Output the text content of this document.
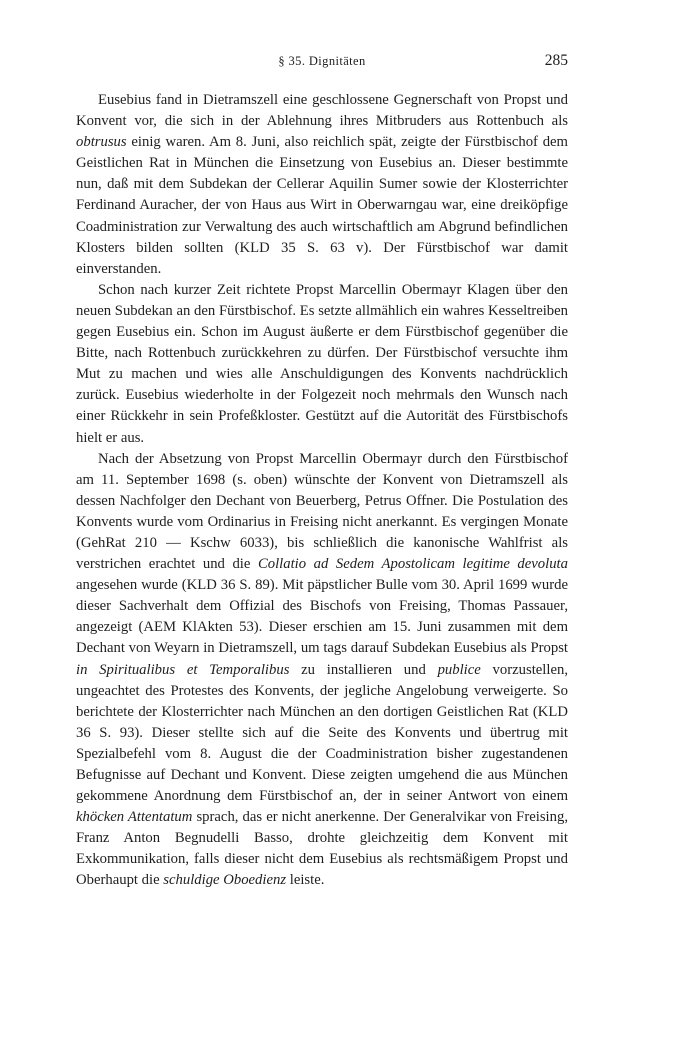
§ 35. Dignitäten	285

Eusebius fand in Dietramszell eine geschlossene Gegnerschaft von Propst und Konvent vor, die sich in der Ablehnung ihres Mitbruders aus Rottenbuch als obtrusus einig waren. Am 8. Juni, also reichlich spät, zeigte der Fürstbischof dem Geistlichen Rat in München die Einsetzung von Eusebius an. Dieser bestimmte nun, daß mit dem Subdekan der Cellerar Aquilin Sumer sowie der Klosterrichter Ferdinand Auracher, der von Haus aus Wirt in Oberwarngau war, eine dreiköpfige Coadministration zur Verwaltung des auch wirtschaftlich am Abgrund befindlichen Klosters bilden sollten (KLD 35 S. 63 v). Der Fürstbischof war damit einverstanden.

Schon nach kurzer Zeit richtete Propst Marcellin Obermayr Klagen über den neuen Subdekan an den Fürstbischof. Es setzte allmählich ein wahres Kesseltreiben gegen Eusebius ein. Schon im August äußerte er dem Fürstbischof gegenüber die Bitte, nach Rottenbuch zurückkehren zu dürfen. Der Fürstbischof versuchte ihm Mut zu machen und wies alle Anschuldigungen des Konvents nachdrücklich zurück. Eusebius wiederholte in der Folgezeit noch mehrmals den Wunsch nach einer Rückkehr in sein Profeßkloster. Gestützt auf die Autorität des Fürstbischofs hielt er aus.

Nach der Absetzung von Propst Marcellin Obermayr durch den Fürstbischof am 11. September 1698 (s. oben) wünschte der Konvent von Dietramszell als dessen Nachfolger den Dechant von Beuerberg, Petrus Offner. Die Postulation des Konvents wurde vom Ordinarius in Freising nicht anerkannt. Es vergingen Monate (GehRat 210 — Kschw 6033), bis schließlich die kanonische Wahlfrist als verstrichen erachtet und die Collatio ad Sedem Apostolicam legitime devoluta angesehen wurde (KLD 36 S. 89). Mit päpstlicher Bulle vom 30. April 1699 wurde dieser Sachverhalt dem Offizial des Bischofs von Freising, Thomas Passauer, angezeigt (AEM KlAkten 53). Dieser erschien am 15. Juni zusammen mit dem Dechant von Weyarn in Dietramszell, um tags darauf Subdekan Eusebius als Propst in Spiritualibus et Temporalibus zu installieren und publice vorzustellen, ungeachtet des Protestes des Konvents, der jegliche Angelobung verweigerte. So berichtete der Klosterrichter nach München an den dortigen Geistlichen Rat (KLD 36 S. 93). Dieser stellte sich auf die Seite des Konvents und übertrug mit Spezialbefehl vom 8. August die der Coadministration bisher zugestandenen Befugnisse auf Dechant und Konvent. Diese zeigten umgehend die aus München gekommene Anordnung dem Fürstbischof an, der in seiner Antwort von einem khöcken Attentatum sprach, das er nicht anerkenne. Der Generalvikar von Freising, Franz Anton Begnudelli Basso, drohte gleichzeitig dem Konvent mit Exkommunikation, falls dieser nicht dem Eusebius als rechtsmäßigem Propst und Oberhaupt die schuldige Oboedienz leiste.
